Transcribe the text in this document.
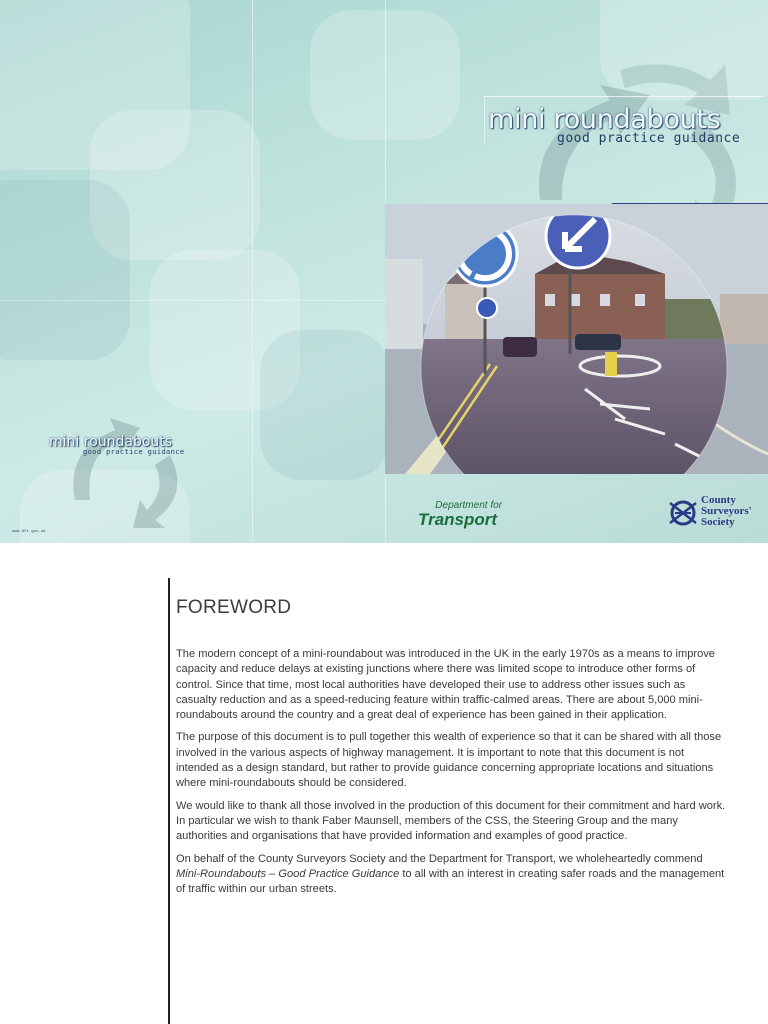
mini roundabouts
good practice guidance
mini roundabouts
good practice guidance
www.dft.gov.uk
Department for
Transport
County
Surveyors'
Society
FOREWORD

The modern concept of a mini-roundabout was introduced in the UK in the early 1970s as a means to improve capacity and reduce delays at existing junctions where there was limited scope to introduce other forms of control. Since that time, most local authorities have developed their use to address other issues such as casualty reduction and as a speed-reducing feature within traffic-calmed areas. There are about 5,000 mini-roundabouts around the country and a great deal of experience has been gained in their application.

The purpose of this document is to pull together this wealth of experience so that it can be shared with all those involved in the various aspects of highway management. It is important to note that this document is not intended as a design standard, but rather to provide guidance concerning appropriate locations and situations where mini-roundabouts should be considered.

We would like to thank all those involved in the production of this document for their commitment and hard work. In particular we wish to thank Faber Maunsell, members of the CSS, the Steering Group and the many authorities and organisations that have provided information and examples of good practice.

On behalf of the County Surveyors Society and the Department for Transport, we wholeheartedly commend Mini-Roundabouts – Good Practice Guidance to all with an interest in creating safer roads and the management of traffic within our urban streets.
